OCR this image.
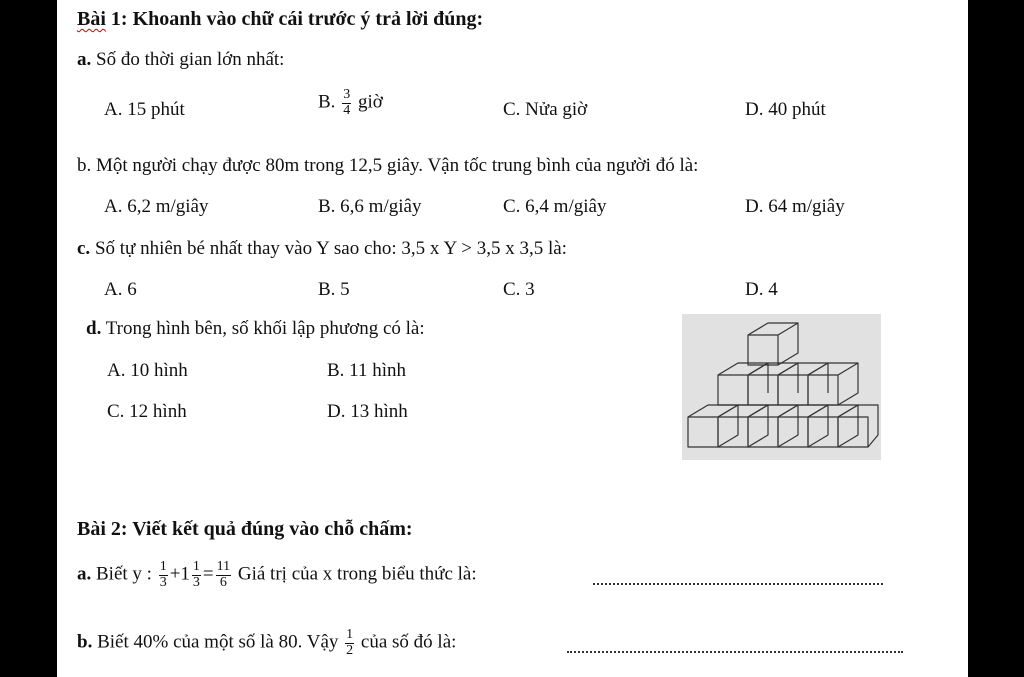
Bài 1: Khoanh vào chữ cái trước ý trả lời đúng:
a. Số đo thời gian lớn nhất:
A. 15 phút	B. $\frac{3}{4}$ giờ	C. Nửa giờ	D. 40 phút
b. Một người chạy được 80m trong 12,5 giây. Vận tốc trung bình của người đó là:
A. 6,2 m/giây	B. 6,6 m/giây	C. 6,4 m/giây	D. 64 m/giây
c. Số tự nhiên bé nhất thay vào Y sao cho: 3,5 x Y > 3,5 x 3,5 là:
A. 6	B. 5	C. 3	D. 4
d. Trong hình bên, số khối lập phương có là:
A. 10 hình	B. 11 hình
C. 12 hình	D. 13 hình
Bài 2: Viết kết quả đúng vào chỗ chấm:
a. Biết y : $\frac{1}{3} +1 \frac{1}{3} = \frac{11}{6}$ Giá trị của x trong biểu thức là:
b. Biết 40% của một số là 80. Vậy $\frac{1}{2}$ của số đó là:
